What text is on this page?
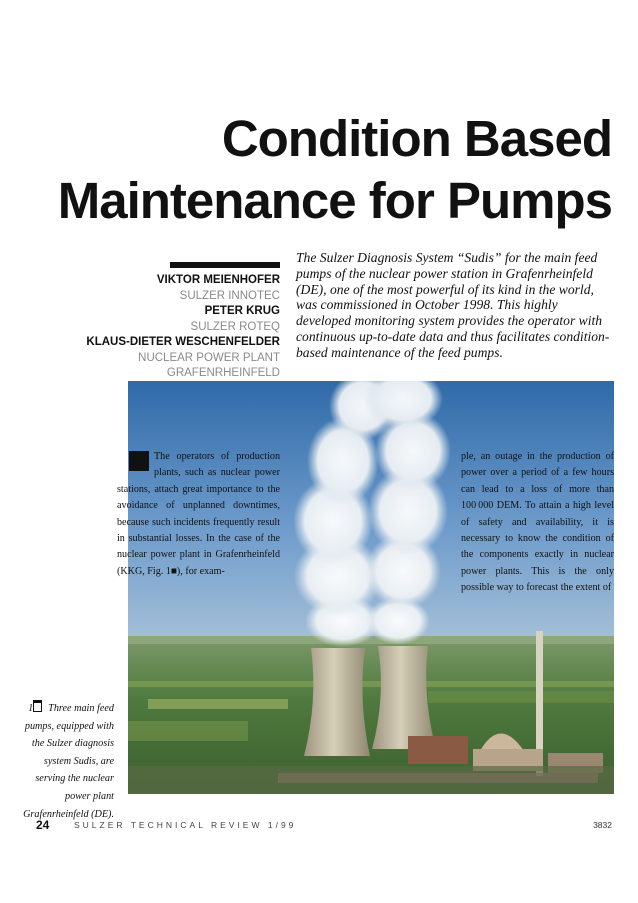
Condition Based
Maintenance for Pumps
VIKTOR MEIENHOFER
SULZER INNOTEC
PETER KRUG
SULZER ROTEQ
KLAUS-DIETER WESCHENFELDER
NUCLEAR POWER PLANT GRAFENRHEINFELD
The Sulzer Diagnosis System “Sudis” for the main feed pumps of the nuclear power station in Grafenrheinfeld (DE), one of the most powerful of its kind in the world, was commissioned in October 1998. This highly developed monitoring system provides the operator with continuous up-to-date data and thus facilitates condition-based maintenance of the feed pumps.
The operators of production plants, such as nuclear power stations, attach great importance to the avoidance of unplanned downtimes, because such incidents frequently result in substantial losses. In the case of the nuclear power plant in Grafenrheinfeld (KKG, Fig. 1■), for exam-
ple, an outage in the production of power over a period of a few hours can lead to a loss of more than 100 000 DEM. To attain a high level of safety and availability, it is necessary to know the condition of the components exactly in nuclear power plants. This is the only possible way to forecast the extent of
1 Three main feed pumps, equipped with the Sulzer diagnosis system Sudis, are serving the nuclear power plant Grafenrheinfeld (DE).
24	SULZER TECHNICAL REVIEW 1/99	3832
